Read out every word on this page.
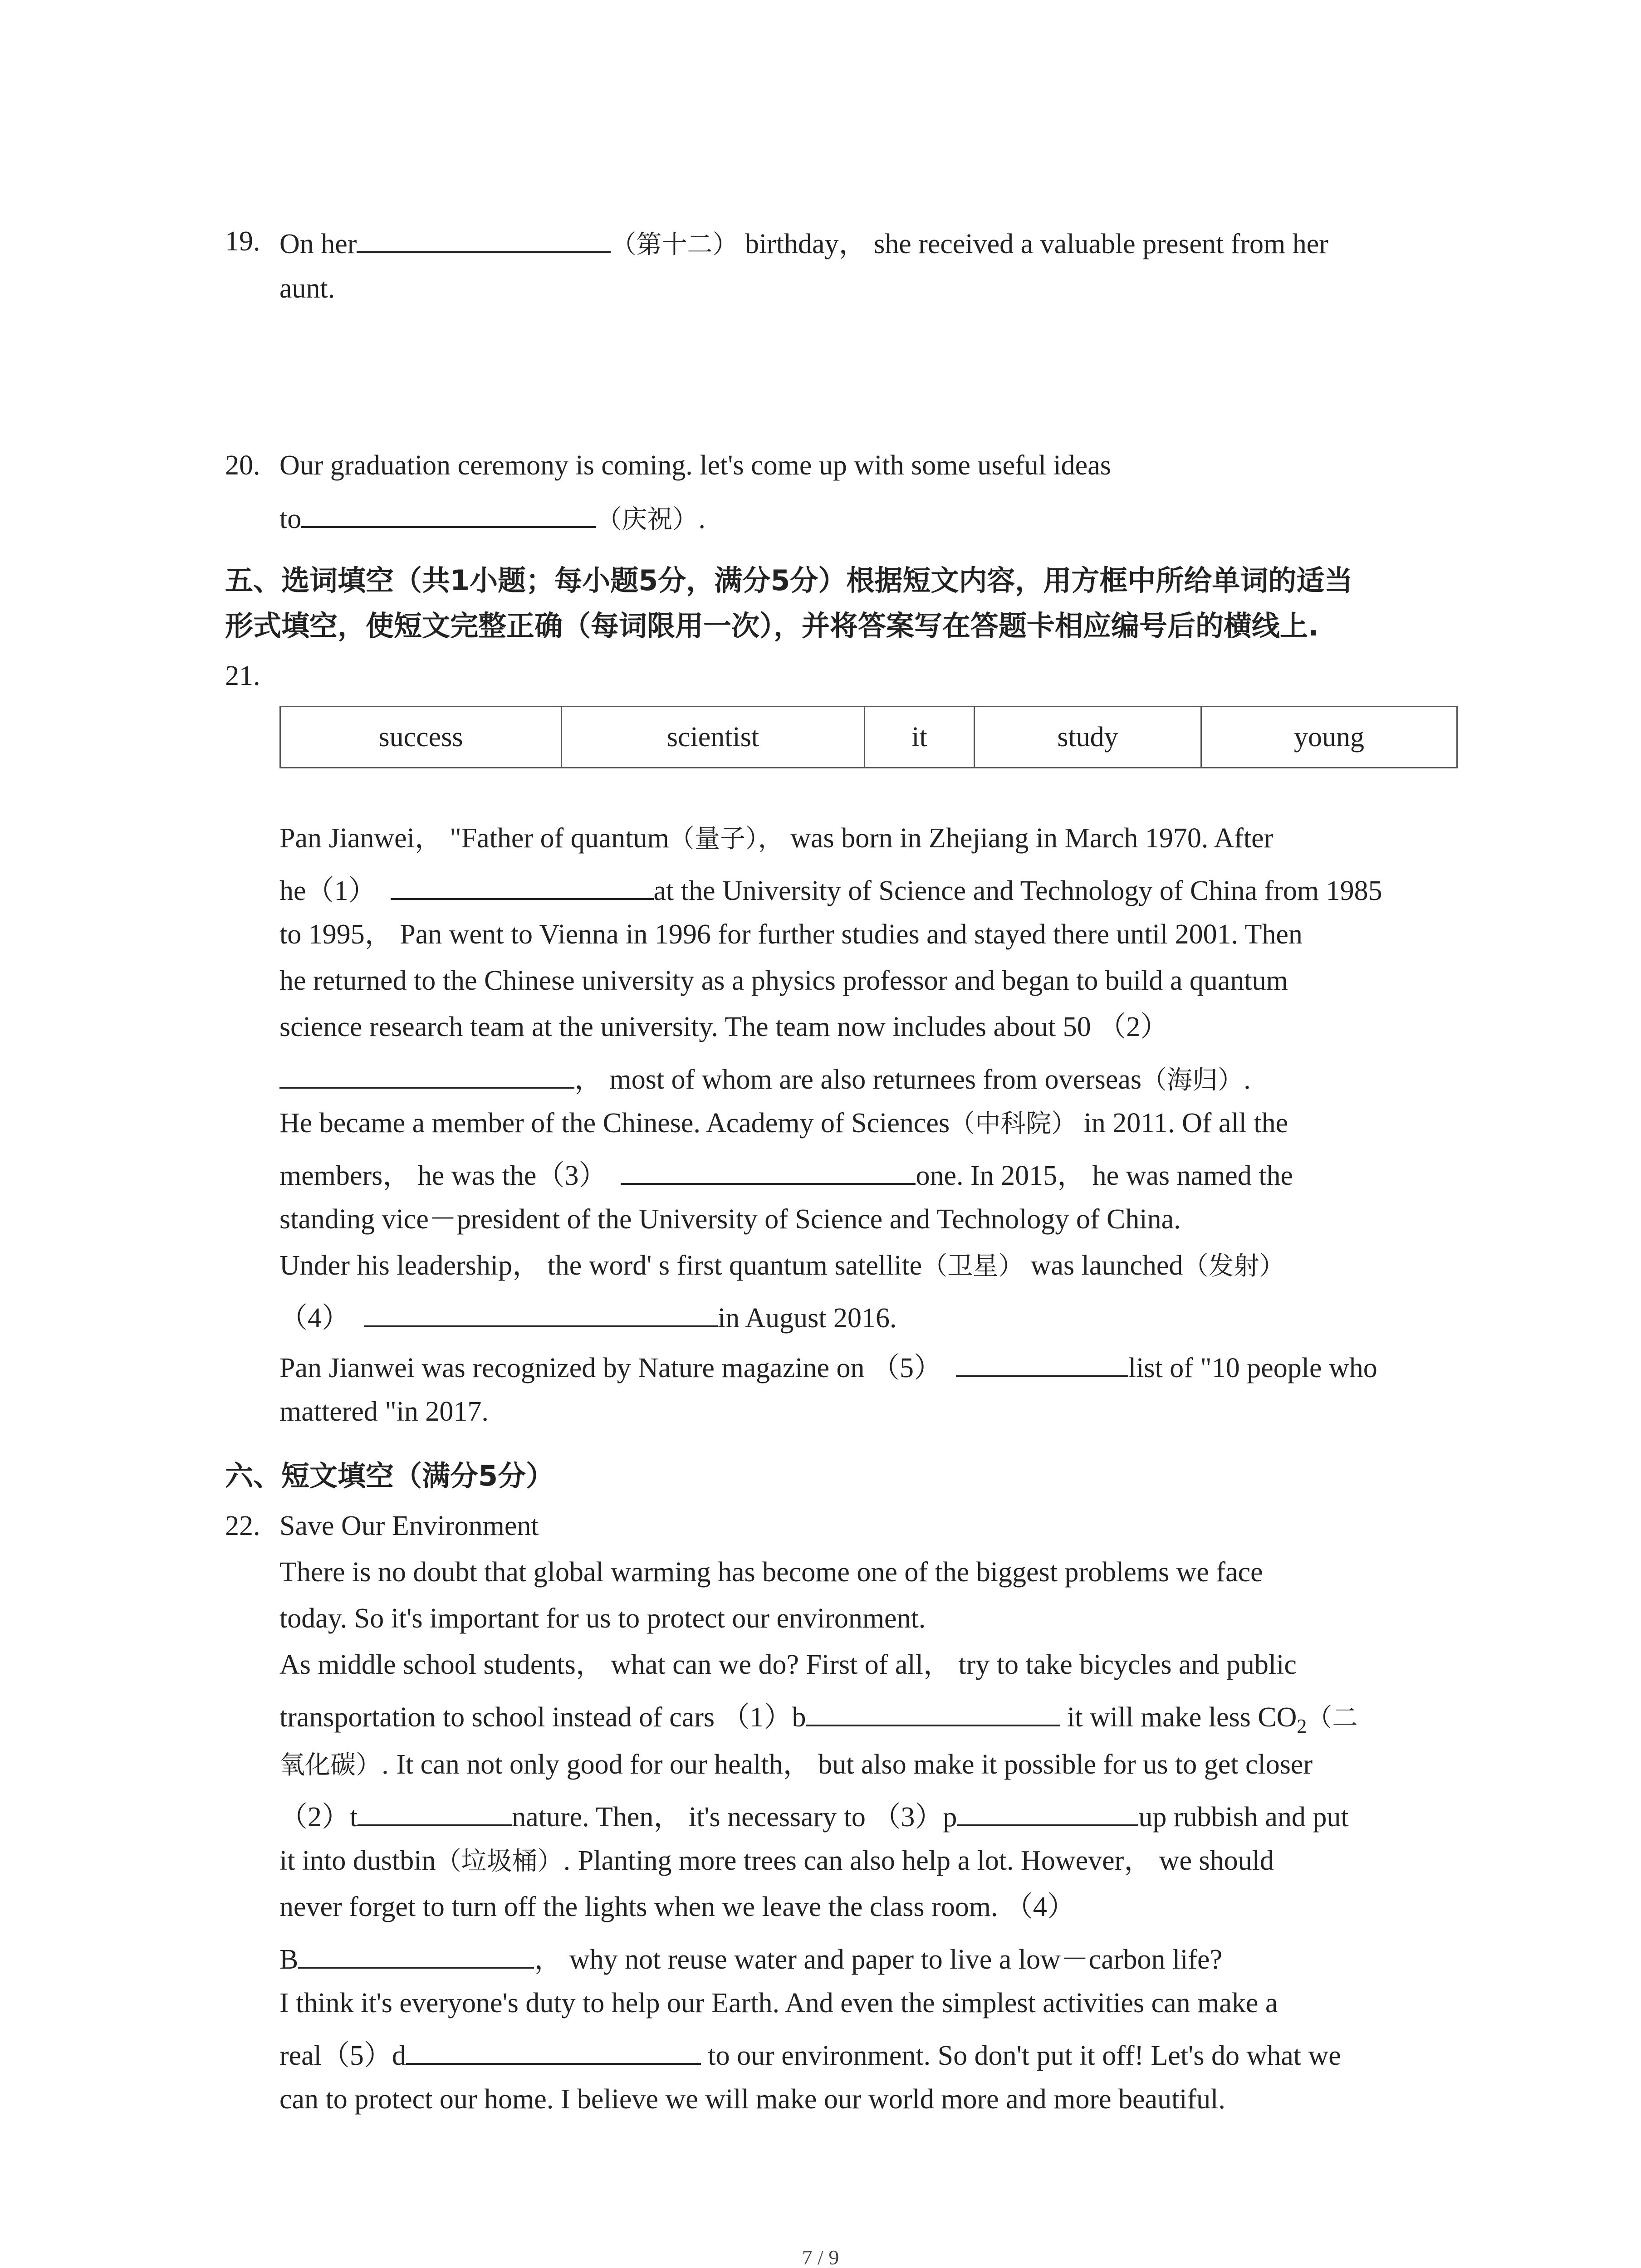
19. On her	（第十二） birthday， she received a valuable present from her
aunt.
20. Our graduation ceremony is coming. let's come up with some useful ideas
to	（庆祝）.
五、选词填空（共1小题；每小题5分，满分5分）根据短文内容，用方框中所给单词的适当
形式填空，使短文完整正确（每词限用一次），并将答案写在答题卡相应编号后的横线上.
21.
success	scientist	it	study	young
Pan Jianwei， "Father of quantum（量子）， was born in Zhejiang in March 1970. After
he（1）	at the University of Science and Technology of China from 1985
to 1995， Pan went to Vienna in 1996 for further studies and stayed there until 2001. Then
he returned to the Chinese university as a physics professor and began to build a quantum
science research team at the university. The team now includes about 50 （2）
， most of whom are also returnees from overseas（海归）.
He became a member of the Chinese. Academy of Sciences（中科院） in 2011. Of all the
members， he was the（3）	one. In 2015， he was named the
standing vice－president of the University of Science and Technology of China.
Under his leadership， the word' s first quantum satellite（卫星） was launched（发射）
（4）	in August 2016.
Pan Jianwei was recognized by Nature magazine on （5）	list of "10 people who
mattered "in 2017.
六、短文填空（满分5分）
22. Save Our Environment
There is no doubt that global warming has become one of the biggest problems we face
today. So it's important for us to protect our environment.
As middle school students， what can we do? First of all， try to take bicycles and public
transportation to school instead of cars （1）b	it will make less $CO_2$（二
氧化碳）. It can not only good for our health， but also make it possible for us to get closer
（2）t	nature. Then， it's necessary to （3）p	up rubbish and put
it into dustbin（垃圾桶）. Planting more trees can also help a lot. However， we should
never forget to turn off the lights when we leave the class room. （4）
B	， why not reuse water and paper to live a low－carbon life?
I think it's everyone's duty to help our Earth. And even the simplest activities can make a
real（5）d	to our environment. So don't put it off! Let's do what we
can to protect our home. I believe we will make our world more and more beautiful.
7 / 9
